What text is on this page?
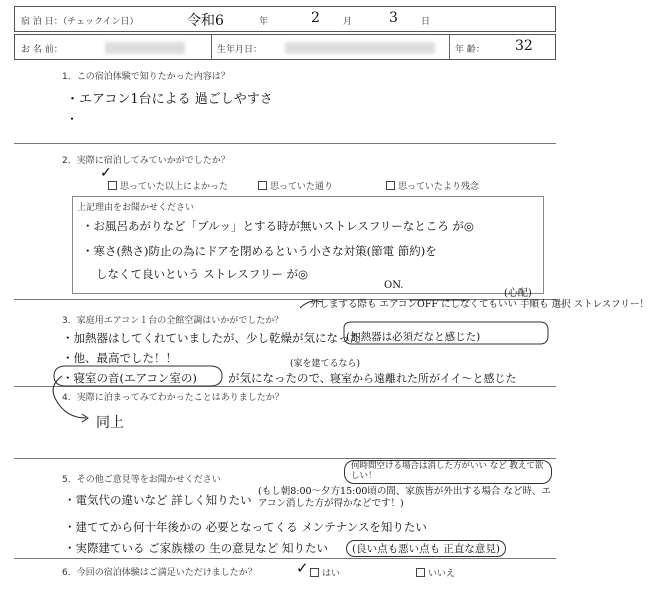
宿 泊 日：（チェックイン日）	令和6	年	2	月	3	日
お 名 前：	生年月日：	年 齢： 32
1．この宿泊体験で知りたかった内容は？
・エアコン1台による 過ごしやすさ
・
2．実際に宿泊してみていかがでしたか？
✓
思っていた以上によかった	思っていた通り	思っていたより残念
上記理由をお聞かせください
・お風呂あがりなど「ブルッ」とする時が無いストレスフリーなところ が◎
・寒さ(熱さ)防止の為にドアを閉めるという小さな対策(節電 節約)を
しなくて良いという ストレスフリー が◎
3．家庭用エアコン１台の全館空調はいかがでしたか？
ON.
(心配)
外しまする際も エアコンOFF にしなくてもいい 手順も 選択 ストレスフリー！
・加熱器はしてくれていましたが、少し乾燥が気になった
(加熱器は必須だなと感じた)
・他、最高でした！！	(家を建てるなら)
・寝室の音(エアコン室の)	が気になったので、
寝室から遠離れた所がイイ〜と感じた
4．実際に泊まってみてわかったことはありましたか？
同上
5．その他ご意見等をお聞かせください
何時間空ける場合は消した方がいい など 教えて欲しい！
・電気代の違いなど 詳しく知りたい
(もし朝8:00〜夕方15:00頃の間、家族皆が外出する場合 など時、エアコン消した方が得かなどです！)
・建ててから何十年後かの 必要となってくる メンテナンスを知りたい
・実際建ている ご家族様の 生の意見など 知りたい	(良い点も悪い点も 正直な意見)
6．今回の宿泊体験はご満足いただけましたか？	✓	はい	いいえ
